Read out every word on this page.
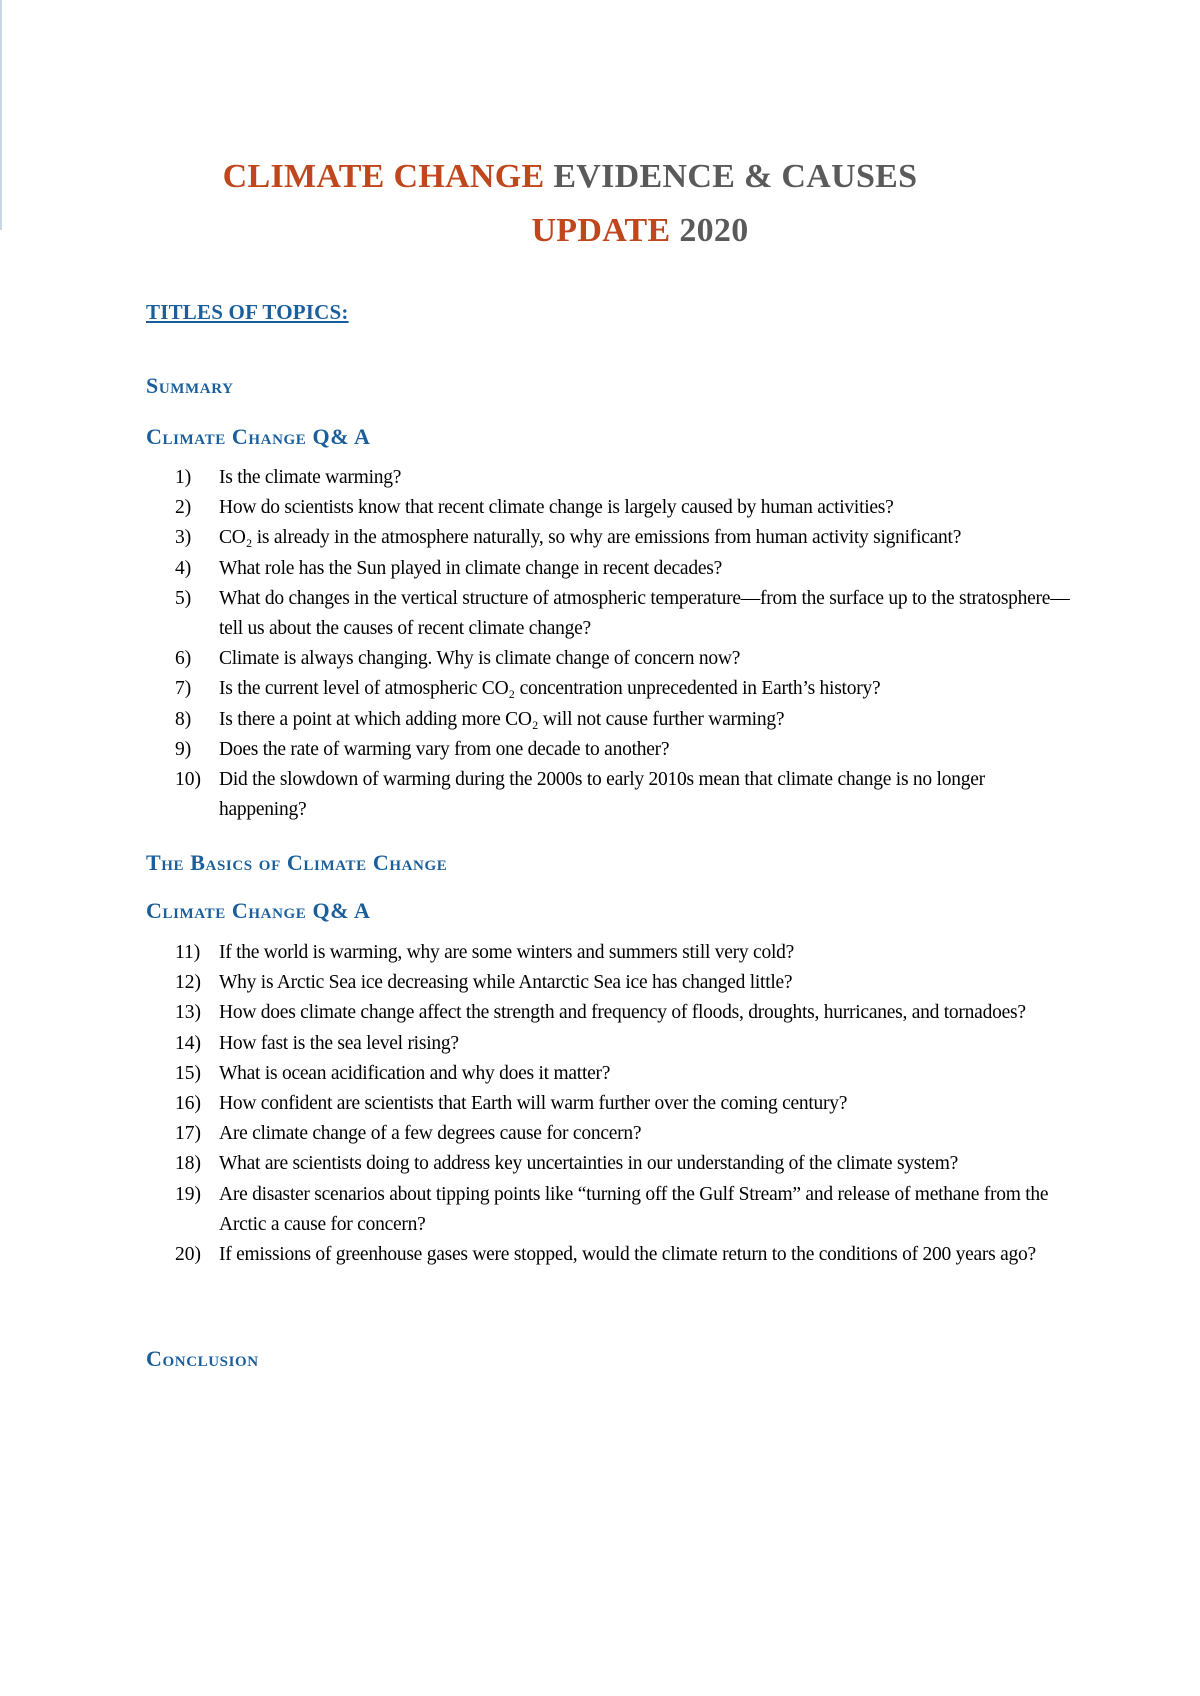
CLIMATE CHANGE EVIDENCE & CAUSES
UPDATE 2020
TITLES OF TOPICS:
Summary
Climate Change Q& A
1)	Is the climate warming?
2)	How do scientists know that recent climate change is largely caused by human activities?
3)	CO₂ is already in the atmosphere naturally, so why are emissions from human activity significant?
4)	What role has the Sun played in climate change in recent decades?
5)	What do changes in the vertical structure of atmospheric temperature—from the surface up to the stratosphere—tell us about the causes of recent climate change?
6)	Climate is always changing. Why is climate change of concern now?
7)	Is the current level of atmospheric CO₂ concentration unprecedented in Earth’s history?
8)	Is there a point at which adding more CO₂ will not cause further warming?
9)	Does the rate of warming vary from one decade to another?
10) Did the slowdown of warming during the 2000s to early 2010s mean that climate change is no longer happening?
The Basics of Climate Change
Climate Change Q& A
11) If the world is warming, why are some winters and summers still very cold?
12) Why is Arctic Sea ice decreasing while Antarctic Sea ice has changed little?
13) How does climate change affect the strength and frequency of floods, droughts, hurricanes, and tornadoes?
14) How fast is the sea level rising?
15) What is ocean acidification and why does it matter?
16) How confident are scientists that Earth will warm further over the coming century?
17) Are climate change of a few degrees cause for concern?
18) What are scientists doing to address key uncertainties in our understanding of the climate system?
19) Are disaster scenarios about tipping points like “turning off the Gulf Stream” and release of methane from the Arctic a cause for concern?
20) If emissions of greenhouse gases were stopped, would the climate return to the conditions of 200 years ago?
Conclusion
